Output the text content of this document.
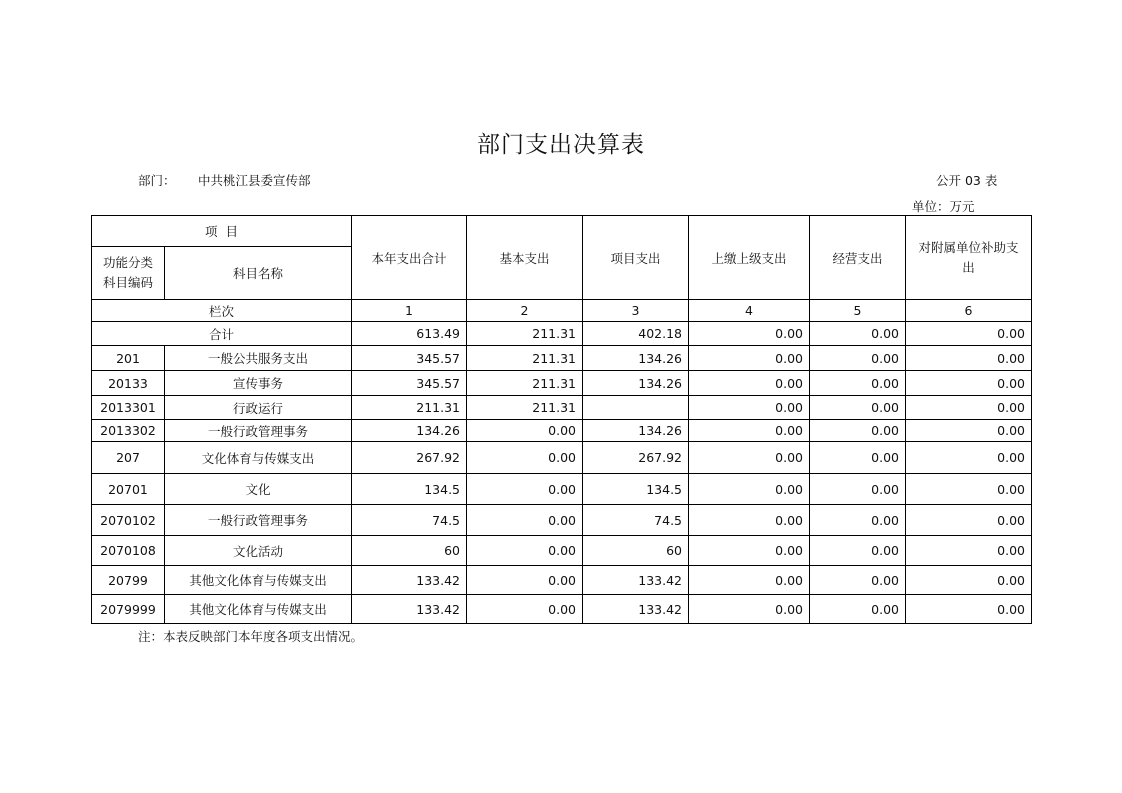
部门支出决算表
部门： 中共桃江县委宣传部	公开 03 表
单位：万元
项  目		本年支出合计	基本支出	项目支出	上缴上级支出	经营支出	对附属单位补助支出
功能分类科目编码	科目名称						
栏次		1	2	3	4	5	6
合计		613.49	211.31	402.18	0.00	0.00	0.00
201	一般公共服务支出	345.57	211.31	134.26	0.00	0.00	0.00
20133	宣传事务	345.57	211.31	134.26	0.00	0.00	0.00
2013301	行政运行	211.31	211.31		0.00	0.00	0.00
2013302	一般行政管理事务	134.26	0.00	134.26	0.00	0.00	0.00
207	文化体育与传媒支出	267.92	0.00	267.92	0.00	0.00	0.00
20701	文化	134.5	0.00	134.5	0.00	0.00	0.00
2070102	一般行政管理事务	74.5	0.00	74.5	0.00	0.00	0.00
2070108	文化活动	60	0.00	60	0.00	0.00	0.00
20799	其他文化体育与传媒支出	133.42	0.00	133.42	0.00	0.00	0.00
2079999	其他文化体育与传媒支出	133.42	0.00	133.42	0.00	0.00	0.00
注：本表反映部门本年度各项支出情况。
